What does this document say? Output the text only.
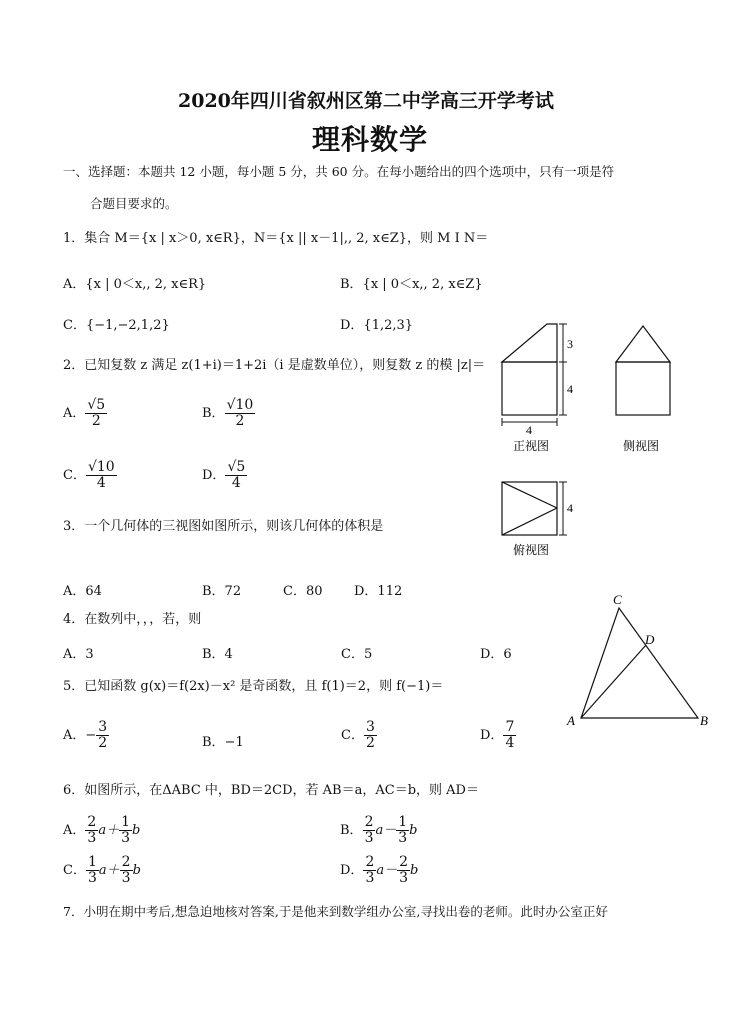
2020年四川省叙州区第二中学高三开学考试
理科数学
一、选择题：本题共 12 小题，每小题 5 分，共 60 分。在每小题给出的四个选项中，只有一项是符
合题目要求的。
1．集合 M＝{x | x＞0, x∈R}，N＝{x || x－1|,, 2, x∈Z}，则 M Ⅰ N＝
A．{x | 0＜x,, 2, x∈R}	B．{x | 0＜x,, 2, x∈Z}
C．{−1,−2,1,2}	D．{1,2,3}
2．已知复数 z 满足 z(1+i)＝1+2i（i 是虚数单位），则复数 z 的模 |z|＝
A． $\frac{√5}{2}$	B． $\frac{√10}{2}$
C． $\frac{√10}{4}$	D． $\frac{√5}{4}$
3．一个几何体的三视图如图所示，则该几何体的体积是
A．64	B．72	C．80 D．112
4．在数列中，，，若，则
A．3	B．4	C．5	D．6
5．已知函数 g(x)＝f(2x)－x² 是奇函数，且 f(1)＝2，则 f(−1)＝
A．− $\frac{3}{2}$	B．−1	C． $\frac{3}{2}$	D． $\frac{7}{4}$
6．如图所示，在ΔABC 中，BD＝2CD，若 AB＝a，AC＝b，则 AD＝
A． $\frac{2}{3} a+ \frac{1}{3}$ b	B． $\frac{2}{3} a- \frac{1}{3}$ b
C． $\frac{1}{3} a+ \frac{2}{3}$ b	D． $\frac{2}{3} a- \frac{2}{3}$ b
7．小明在期中考后,想急迫地核对答案,于是他来到数学组办公室,寻找出卷的老师。此时办公室正好
3
4
4
正视图	侧视图
4
俯视图
A	B
C
D
